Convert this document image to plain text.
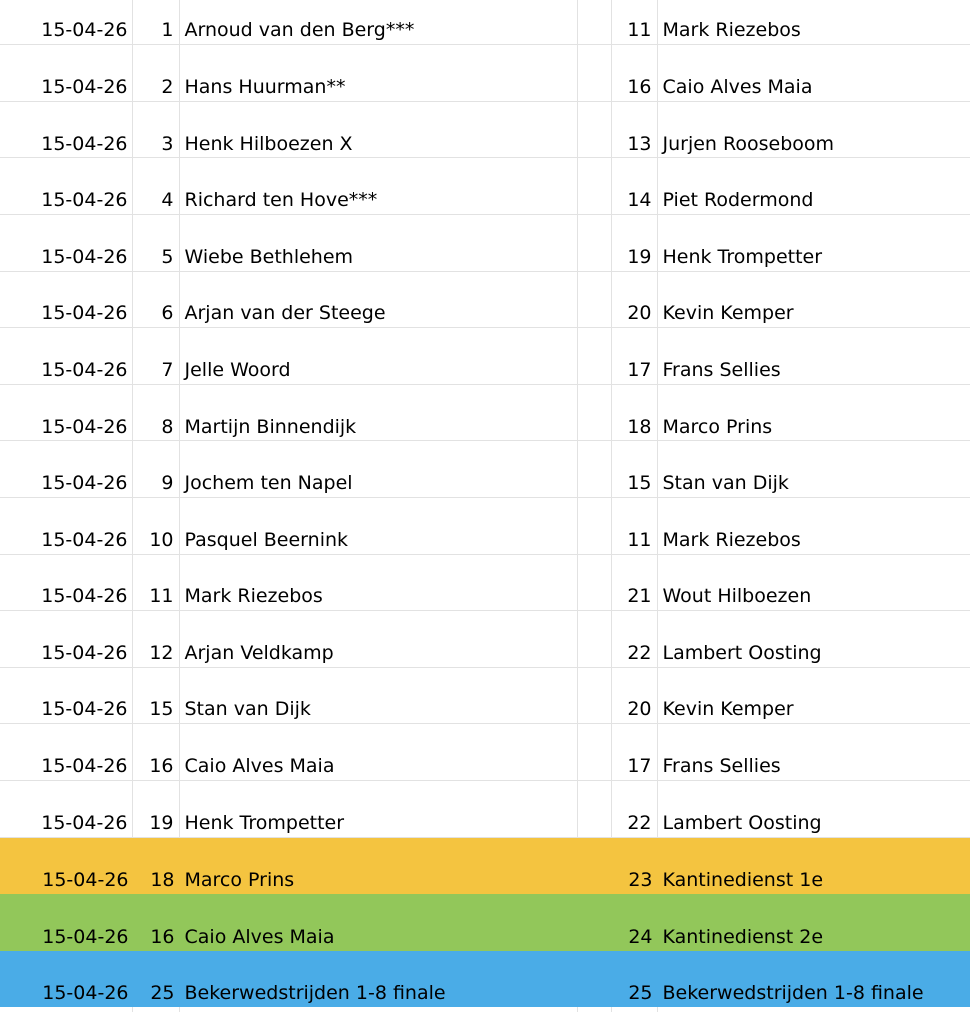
15-04-26 1 Arnoud van den Berg***	11 Mark Riezebos
15-04-26 2 Hans Huurman**	16 Caio Alves Maia
15-04-26 3 Henk Hilboezen X	13 Jurjen Rooseboom
15-04-26 4 Richard ten Hove***	14 Piet Rodermond
15-04-26 5 Wiebe Bethlehem	19 Henk Trompetter
15-04-26 6 Arjan van der Steege	20 Kevin Kemper
15-04-26 7 Jelle Woord	17 Frans Sellies
15-04-26 8 Martijn Binnendijk	18 Marco Prins
15-04-26 9 Jochem ten Napel	15 Stan van Dijk
15-04-26 10 Pasquel Beernink	11 Mark Riezebos
15-04-26 11 Mark Riezebos	21 Wout Hilboezen
15-04-26 12 Arjan Veldkamp	22 Lambert Oosting
15-04-26 15 Stan van Dijk	20 Kevin Kemper
15-04-26 16 Caio Alves Maia	17 Frans Sellies
15-04-26 19 Henk Trompetter	22 Lambert Oosting
15-04-26 18 Marco Prins	23 Kantinedienst 1e
15-04-26 16 Caio Alves Maia	24 Kantinedienst 2e
15-04-26 25 Bekerwedstrijden 1-8 finale	25 Bekerwedstrijden 1-8 finale
